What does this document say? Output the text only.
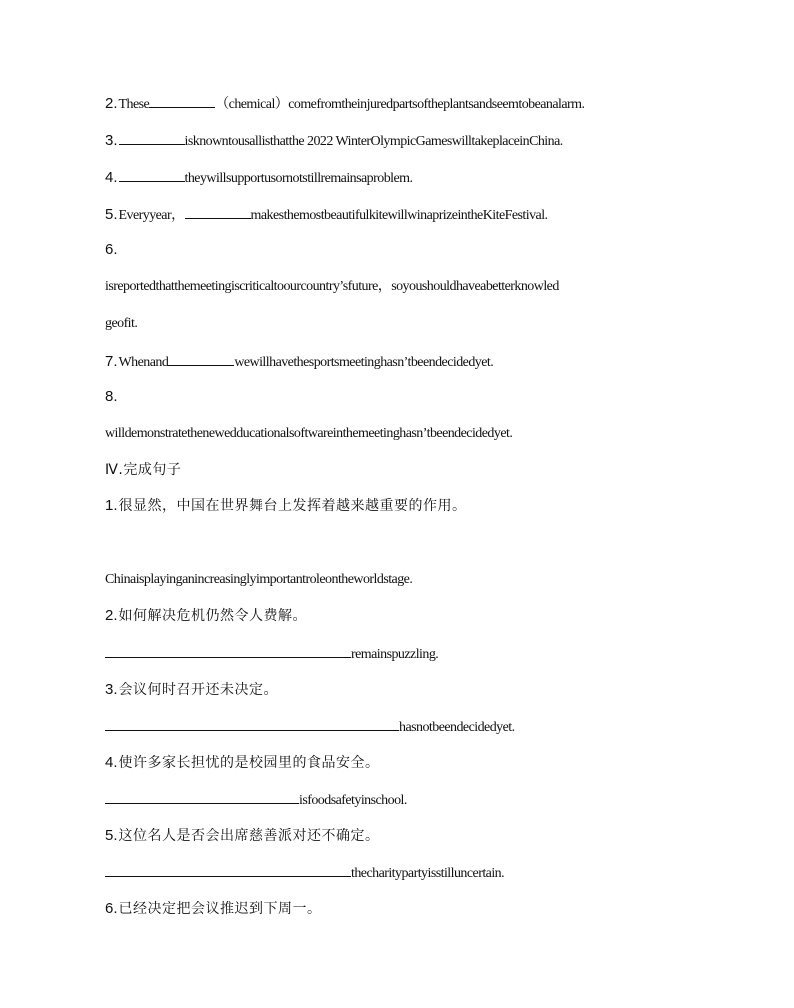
2.These	（chemical）comefromtheinjuredpartsoftheplantsandseemtobeanalarm.
3.	isknowntousallisthatthe 2022 WinterOlympicGameswilltakeplaceinChina.
4.	theywillsupportusornotstillremainsaproblem.
5.Everyyear，	makesthemostbeautifulkitewillwinaprizeintheKiteFestival.
6.
isreportedthatthemeetingiscriticaltoourcountry’sfuture，soyoushouldhaveabetterknowled
geofit.
7.Whenand	wewillhavethesportsmeetinghasn’tbeendecidedyet.
8.
willdemonstratethenewedducationalsoftwareinthemeetinghasn’tbeendecidedyet.
Ⅳ.完成句子
1.很显然，中国在世界舞台上发挥着越来越重要的作用。
Chinaisplayinganincreasinglyimportantroleontheworldstage.
2.如何解决危机仍然令人费解。
remainspuzzling.
3.会议何时召开还未决定。
hasnotbeendecidedyet.
4.使许多家长担忧的是校园里的食品安全。
isfoodsafetyinschool.
5.这位名人是否会出席慈善派对还不确定。
thecharitypartyisstilluncertain.
6.已经决定把会议推迟到下周一。
